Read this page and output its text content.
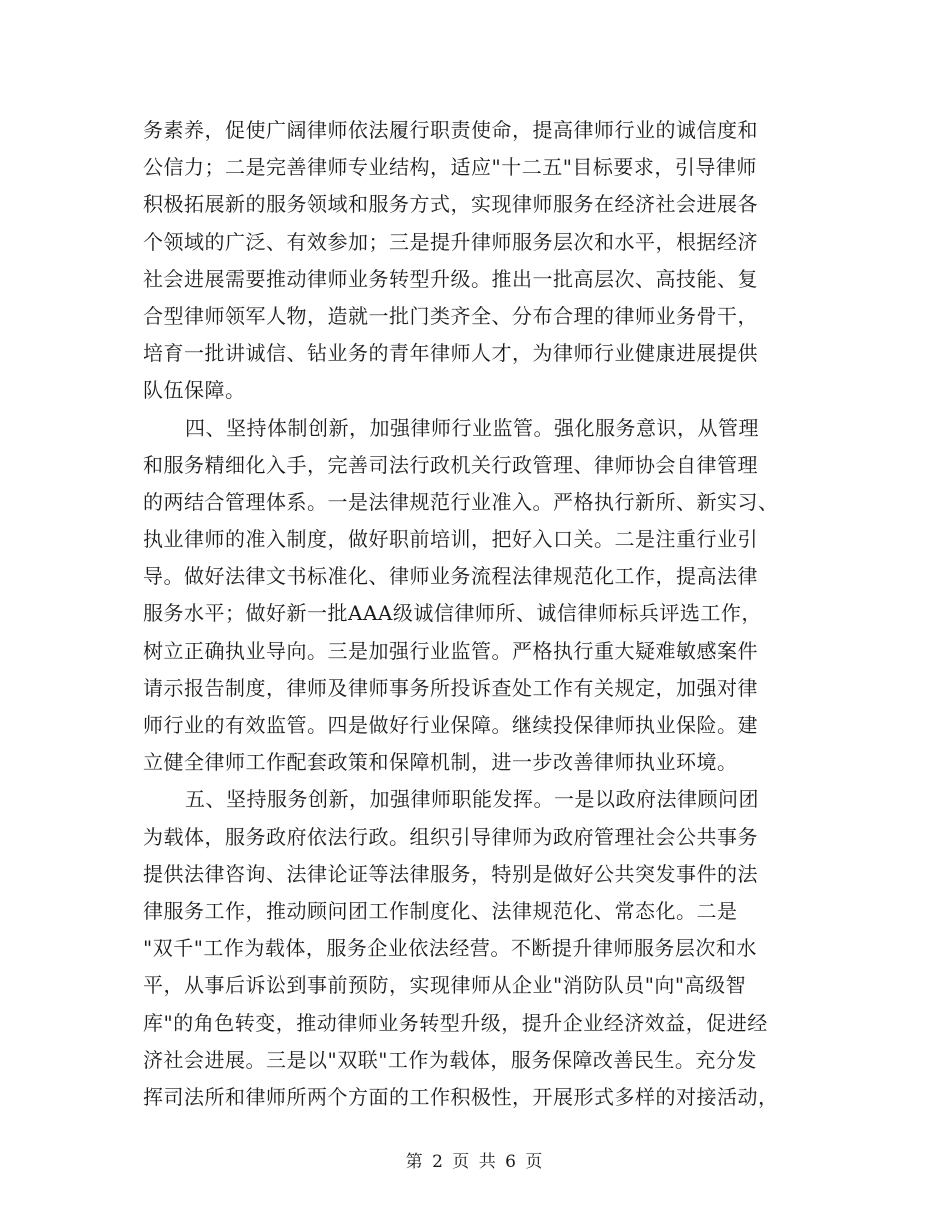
务素养，促使广阔律师依法履行职责使命，提高律师行业的诚信度和
公信力；二是完善律师专业结构，适应"十二五"目标要求，引导律师
积极拓展新的服务领域和服务方式，实现律师服务在经济社会进展各
个领域的广泛、有效参加；三是提升律师服务层次和水平，根据经济
社会进展需要推动律师业务转型升级。推出一批高层次、高技能、复
合型律师领军人物，造就一批门类齐全、分布合理的律师业务骨干，
培育一批讲诚信、钻业务的青年律师人才，为律师行业健康进展提供
队伍保障。
四、坚持体制创新，加强律师行业监管。强化服务意识，从管理
和服务精细化入手，完善司法行政机关行政管理、律师协会自律管理
的两结合管理体系。一是法律规范行业准入。严格执行新所、新实习、
执业律师的准入制度，做好职前培训，把好入口关。二是注重行业引
导。做好法律文书标准化、律师业务流程法律规范化工作，提高法律
服务水平；做好新一批AAA级诚信律师所、诚信律师标兵评选工作，
树立正确执业导向。三是加强行业监管。严格执行重大疑难敏感案件
请示报告制度，律师及律师事务所投诉查处工作有关规定，加强对律
师行业的有效监管。四是做好行业保障。继续投保律师执业保险。建
立健全律师工作配套政策和保障机制，进一步改善律师执业环境。
五、坚持服务创新，加强律师职能发挥。一是以政府法律顾问团
为载体，服务政府依法行政。组织引导律师为政府管理社会公共事务
提供法律咨询、法律论证等法律服务，特别是做好公共突发事件的法
律服务工作，推动顾问团工作制度化、法律规范化、常态化。二是
"双千"工作为载体，服务企业依法经营。不断提升律师服务层次和水
平，从事后诉讼到事前预防，实现律师从企业"消防队员"向"高级智
库"的角色转变，推动律师业务转型升级，提升企业经济效益，促进经
济社会进展。三是以"双联"工作为载体，服务保障改善民生。充分发
挥司法所和律师所两个方面的工作积极性，开展形式多样的对接活动，
第 2 页 共 6 页
